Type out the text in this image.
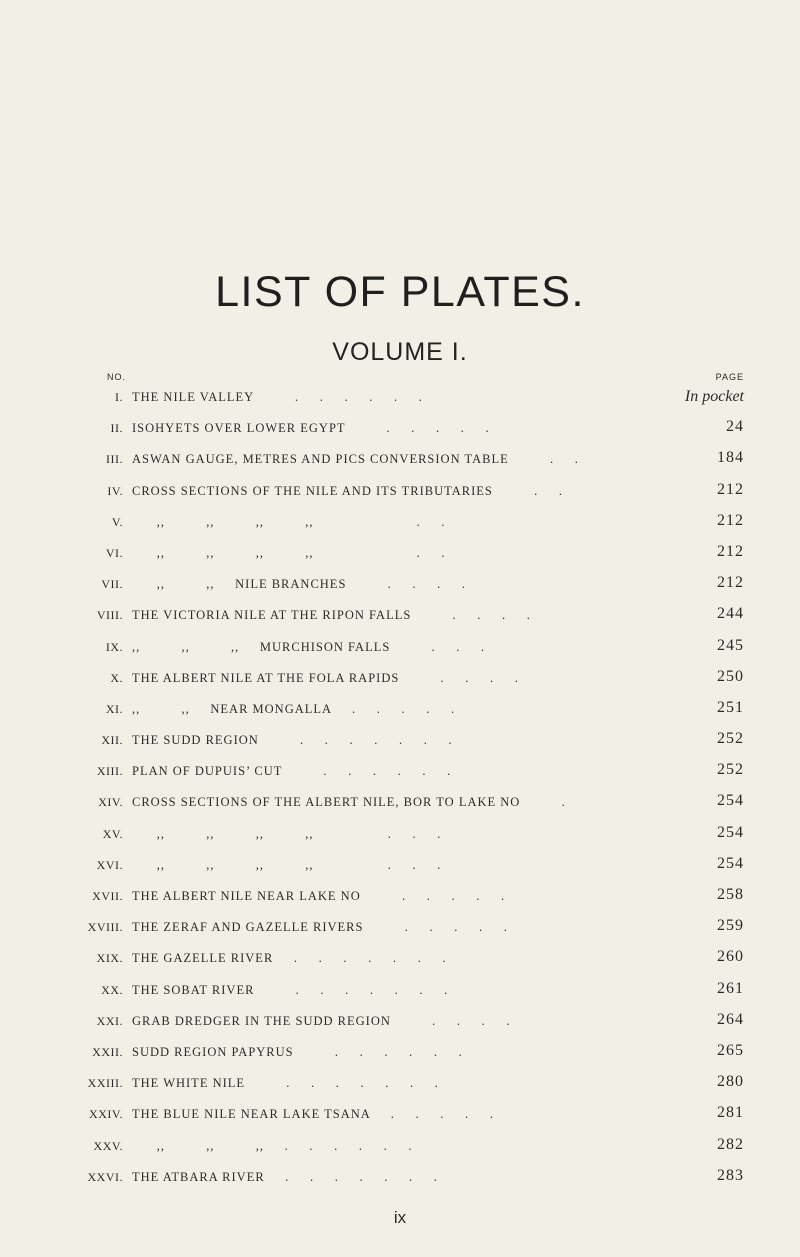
LIST OF PLATES.
VOLUME I.
NO.	PAGE
I. THE NILE VALLEY          .     .     .     .     .     .	In pocket
II. ISOHYETS OVER LOWER EGYPT          .     .     .     .     .	24
III. ASWAN GAUGE, METRES AND PICS CONVERSION TABLE          .     .	184
IV. CROSS SECTIONS OF THE NILE AND ITS TRIBUTARIES          .     .	212
V. ,,          ,,          ,,          ,,                         .     .	212
VI. ,,          ,,          ,,          ,,                         .     .	212
VII. ,,          ,,     NILE BRANCHES          .     .     .     .	212
VIII. THE VICTORIA NILE AT THE RIPON FALLS          .     .     .     .	244
IX. ,,          ,,          ,,     MURCHISON FALLS          .     .     .	245
X. THE ALBERT NILE AT THE FOLA RAPIDS          .     .     .     .	250
XI. ,,          ,,     NEAR MONGALLA     .     .     .     .     .	251
XII. THE SUDD REGION          .     .     .     .     .     .     .	252
XIII. PLAN OF DUPUIS’ CUT          .     .     .     .     .     .	252
XIV. CROSS SECTIONS OF THE ALBERT NILE, BOR TO LAKE NO          .	254
XV. ,,          ,,          ,,          ,,                  .     .     .	254
XVI. ,,          ,,          ,,          ,,                  .     .     .	254
XVII. THE ALBERT NILE NEAR LAKE NO          .     .     .     .     .	258
XVIII. THE ZERAF AND GAZELLE RIVERS          .     .     .     .     .	259
XIX. THE GAZELLE RIVER     .     .     .     .     .     .     .	260
XX. THE SOBAT RIVER          .     .     .     .     .     .     .	261
XXI. GRAB DREDGER IN THE SUDD REGION          .     .     .     .	264
XXII. SUDD REGION PAPYRUS          .     .     .     .     .     .	265
XXIII. THE WHITE NILE          .     .     .     .     .     .     .	280
XXIV. THE BLUE NILE NEAR LAKE TSANA     .     .     .     .     .	281
XXV. ,,          ,,          ,,     .     .     .     .     .     .	282
XXVI. THE ATBARA RIVER     .     .     .     .     .     .     .	283
ix
